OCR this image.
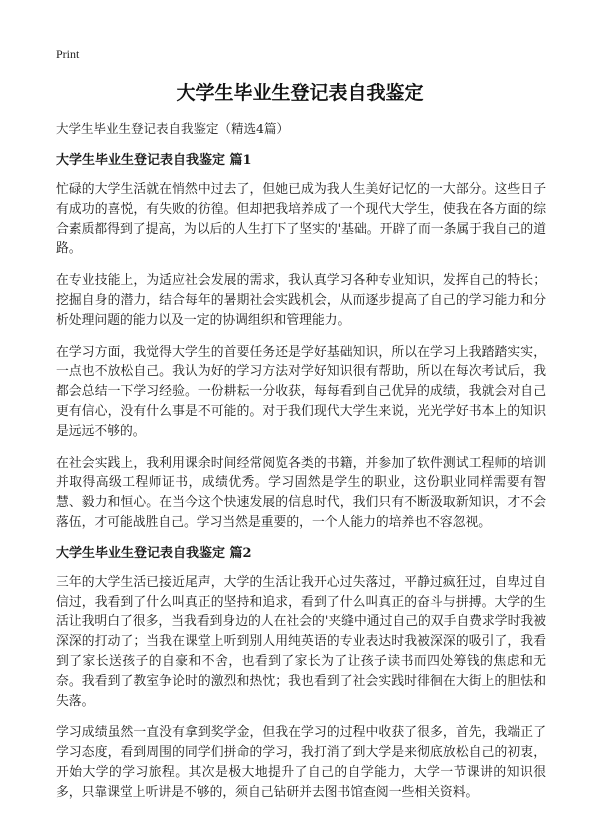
Print
大学生毕业生登记表自我鉴定
大学生毕业生登记表自我鉴定（精选4篇）
大学生毕业生登记表自我鉴定 篇1

忙碌的大学生活就在悄然中过去了，但她已成为我人生美好记忆的一大部分。这些日子有成功的喜悦，有失败的彷徨。但却把我培养成了一个现代大学生，使我在各方面的综合素质都得到了提高，为以后的人生打下了坚实的'基础。开辟了而一条属于我自己的道路。

在专业技能上，为适应社会发展的需求，我认真学习各种专业知识，发挥自己的特长；挖掘自身的潜力，结合每年的暑期社会实践机会，从而逐步提高了自己的学习能力和分析处理问题的能力以及一定的协调组织和管理能力。

在学习方面，我觉得大学生的首要任务还是学好基础知识，所以在学习上我踏踏实实，一点也不放松自己。我认为好的学习方法对学好知识很有帮助，所以在每次考试后，我都会总结一下学习经验。一份耕耘一分收获，每每看到自己优异的成绩，我就会对自己更有信心，没有什么事是不可能的。对于我们现代大学生来说，光光学好书本上的知识是远远不够的。

在社会实践上，我利用课余时间经常阅览各类的书籍，并参加了软件测试工程师的培训并取得高级工程师证书，成绩优秀。学习固然是学生的职业，这份职业同样需要有智慧、毅力和恒心。在当今这个快速发展的信息时代，我们只有不断汲取新知识，才不会落伍，才可能战胜自己。学习当然是重要的，一个人能力的培养也不容忽视。

大学生毕业生登记表自我鉴定 篇2

三年的大学生活已接近尾声，大学的生活让我开心过失落过，平静过疯狂过，自卑过自信过，我看到了什么叫真正的坚持和追求，看到了什么叫真正的奋斗与拼搏。大学的生活让我明白了很多，当我看到身边的人在社会的'夹缝中通过自己的双手自费求学时我被深深的打动了；当我在课堂上听到别人用纯英语的专业表达时我被深深的吸引了，我看到了家长送孩子的自豪和不舍，也看到了家长为了让孩子读书而四处筹钱的焦虑和无奈。我看到了教室争论时的激烈和热忱；我也看到了社会实践时徘徊在大街上的胆怯和失落。

学习成绩虽然一直没有拿到奖学金，但我在学习的过程中收获了很多，首先，我端正了学习态度，看到周围的同学们拼命的学习，我打消了到大学是来彻底放松自己的初衷，开始大学的学习旅程。其次是极大地提升了自己的自学能力，大学一节课讲的知识很多，只靠课堂上听讲是不够的，须自己钻研并去图书馆查阅一些相关资料。
